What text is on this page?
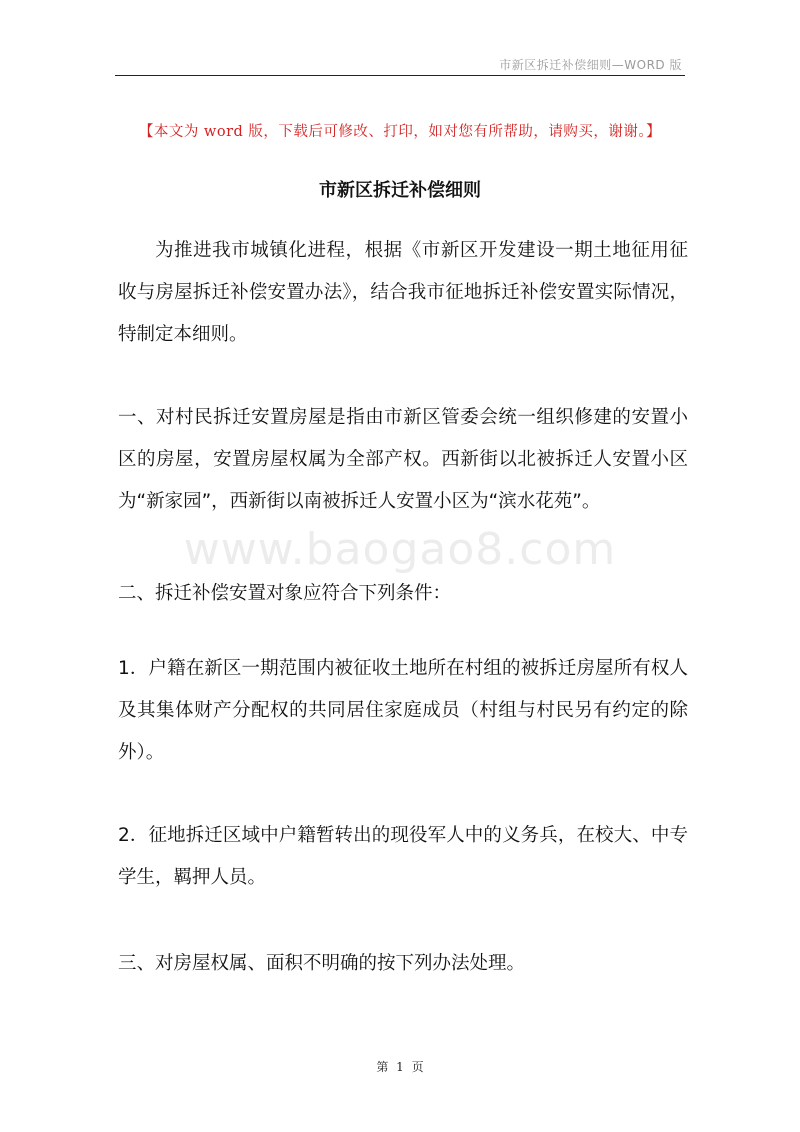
市新区拆迁补偿细则—WORD 版
【本文为 word 版，下载后可修改、打印，如对您有所帮助，请购买，谢谢。】
市新区拆迁补偿细则
www.baogao8.com
为推进我市城镇化进程，根据《市新区开发建设一期土地征用征收与房屋拆迁补偿安置办法》，结合我市征地拆迁补偿安置实际情况，特制定本细则。
一、对村民拆迁安置房屋是指由市新区管委会统一组织修建的安置小区的房屋，安置房屋权属为全部产权。西新街以北被拆迁人安置小区为“新家园”，西新街以南被拆迁人安置小区为“滨水花苑”。
二、拆迁补偿安置对象应符合下列条件：
1．户籍在新区一期范围内被征收土地所在村组的被拆迁房屋所有权人及其集体财产分配权的共同居住家庭成员（村组与村民另有约定的除外）。
2．征地拆迁区域中户籍暂转出的现役军人中的义务兵，在校大、中专学生，羁押人员。
三、对房屋权属、面积不明确的按下列办法处理。
第 1 页
